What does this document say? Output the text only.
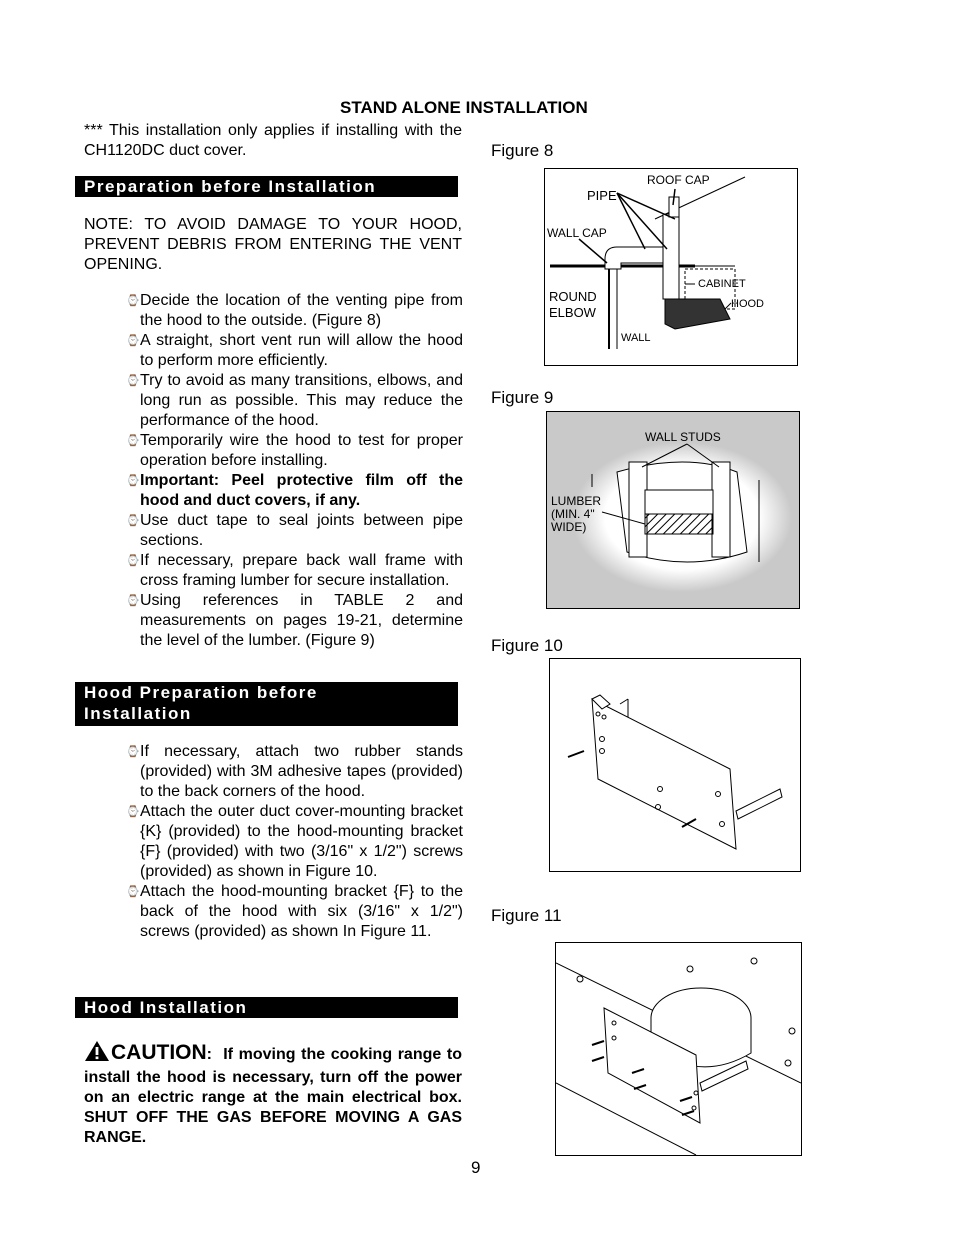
STAND ALONE INSTALLATION
*** This installation only applies if installing with the CH1120DC duct cover.
Preparation before Installation
NOTE: TO AVOID DAMAGE TO YOUR HOOD, PREVENT DEBRIS FROM ENTERING THE VENT OPENING.
⌚ Decide the location of the venting pipe from the hood to the outside. (Figure 8)
⌚ A straight, short vent run will allow the hood to perform more efficiently.
⌚ Try to avoid as many transitions, elbows, and long run as possible. This may reduce the performance of the hood.
⌚ Temporarily wire the hood to test for proper operation before installing.
⌚ Important: Peel protective film off the hood and duct covers, if any.
⌚ Use duct tape to seal joints between pipe sections.
⌚ If necessary, prepare back wall frame with cross framing lumber for secure installation.
⌚ Using references in TABLE 2 and measurements on pages 19-21, determine the level of the lumber. (Figure 9)
Hood Preparation before
Installation
⌚ If necessary, attach two rubber stands (provided) with 3M adhesive tapes (provided) to the back corners of the hood.
⌚ Attach the outer duct cover-mounting bracket {K} (provided) to the hood-mounting bracket {F} (provided) with two (3/16" x 1/2") screws (provided) as shown in Figure 10.
⌚ Attach the hood-mounting bracket {F} to the back of the hood with six (3/16" x 1/2") screws (provided) as shown In Figure 11.
Hood Installation
CAUTION: If moving the cooking range to install the hood is necessary, turn off the power on an electric range at the main electrical box. SHUT OFF THE GAS BEFORE MOVING A GAS RANGE.
Figure 8
ROOF CAP
PIPE
WALL CAP
CABINET
ROUND
ELBOW
HOOD
WALL
Figure 9
WALL STUDS
LUMBER
(MIN. 4"
WIDE)
Figure 10
Figure 11
9
